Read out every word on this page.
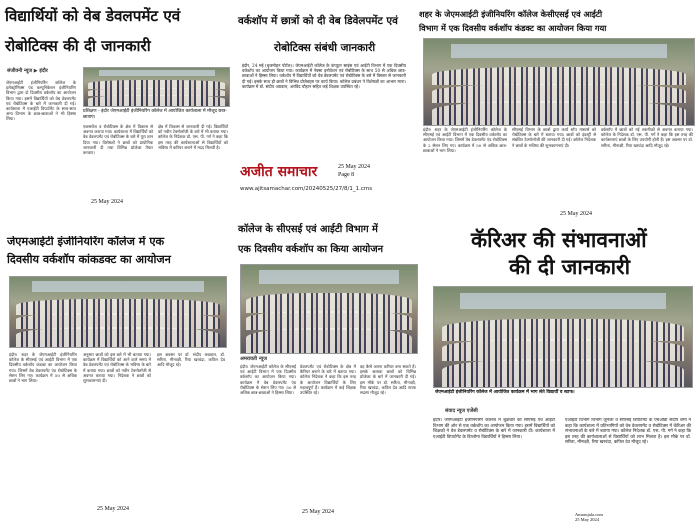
विद्यार्थियों को वेब डेवलपमेंट एवं
रोबोटिक्स की दी जानकारी
संजीवनी न्यूज ▶ इंदौर
जेएमआईटी इंजीनियरिंग कॉलेज के इलेक्ट्रॉनिक्स एंड कम्युनिकेशन इंजीनियरिंग विभाग द्वारा दो दिवसीय वर्कशॉप का आयोजन किया गया। इसमें विद्यार्थियों को वेब डेवलपमेंट एवं रोबोटिक्स के बारे में जानकारी दी गई। कार्यशाला में एआईटी डिपार्टमेंट के साथ-साथ अन्य विभाग के छात्र-छात्राओं ने भी हिस्सा लिया।
प्रशिक्षण - इंदौर जेएमआईटी इंजीनियरिंग कॉलेज में आयोजित कार्यशाला में मौजूद छात्र-छात्राएं।
एकसचेंज व रोबोटिक्स के क्षेत्र में विकास से अवगत कराया गया। कार्यशाला में विद्यार्थियों को वेब डेवलपमेंट एवं रोबोटिक्स के बारे में पूरा ज्ञान दिया गया। विशेषज्ञों ने छात्रों को प्रायोगिक जानकारी दी तथा विभिन्न प्रोजेक्ट तैयार करवाए।
क्षेत्र में विकास से जानकारी दी गई। विद्यार्थियों को नवीन टेक्नोलॉजी के बारे में भी बताया गया। कॉलेज के निदेशक डॉ. एस. पी. गर्ग ने कहा कि इस तरह की कार्यशालाओं से विद्यार्थियों को भविष्य में करियर बनाने में मदद मिलती है।
25 May 2024
वर्कशॉप में छात्रों को दी वेब डिवेलपमेंट एवं
रोबोटिक्स संबंधी जानकारी
इंदौर, 24 मई (बृजमोहन पोर्टल)। जेएमआईटी कॉलेज के कंप्यूटर साइंस एवं आईटी विभाग में एक दिवसीय वर्कशॉप का आयोजन किया गया। कार्यक्रम में नेक्सा इनोवेशन एवं रोबोटिक्स के साथ 50 से अधिक छात्र-छात्राओं ने हिस्सा लिया। वर्कशॉप में विद्यार्थियों को वेब डेवलपमेंट एवं रोबोटिक्स के बारे में विस्तार से जानकारी दी गई। इसके साथ ही छात्रों ने विभिन्न प्रोजेक्ट्स पर कार्य किया। कॉलेज प्रबंधन ने विशेषज्ञों का आभार माना। कार्यक्रम में डॉ. संदीप अग्रवाल, अरविंद चौहान सहित कई शिक्षक उपस्थित रहे।
अजीत समाचार	25 May 2024
Page 8
www.ajitsamachar.com/20240525/27/8/1_1.cms
शहर के जेएमआईटी इंजीनियरिंग कॉलेज केसीएसई एवं आईटी
विभाग में एक दिवसीय वर्कशॉप कंडक्ट का आयोजन किया गया
इंदौर। शहर के जेएमआईटी इंजीनियरिंग कॉलेज के सीएसई एवं आईटी विभाग में एक दिवसीय वर्कशॉप का आयोजन किया गया। जिसमें वेब डेवलपमेंट एंड रोबोटिक्स के 2 सेशन लिए गए। कार्यक्रम में 50 से अधिक छात्र-छात्राओं ने भाग लिया।
सीएसई विभाग के छात्रों द्वारा कार्य शॉप मास्टर्स को रोबोटिक्स के बारे में बताया गया। छात्रों को इंडस्ट्री से संबंधित टेक्नोलॉजी की जानकारी दी गई। कॉलेज निदेशक ने छात्रों के भविष्य की शुभकामनाएं दी।
वर्कशॉप में छात्रों को नई तकनीकों से अवगत कराया गया। कॉलेज के निदेशक डॉ. एस. पी. गर्ग ने कहा कि इस तरह की कार्यशालाएं छात्रों के लिए उपयोगी होती हैं। इस अवसर पर डॉ. सरिता, मीनाक्षी, रिया खरवंदा आदि मौजूद रहे।
25 May 2024
जेएमआईटी इंजीनियरिंग कॉलेज में एक
दिवसीय वर्कशॉप कांकडक्ट का आयोजन
इंदौर। शहर के जेएमआईटी इंजीनियरिंग कॉलेज के सीएसई एवं आईटी विभाग में एक दिवसीय वर्कशॉप कंडक्ट का आयोजन किया गया। जिसमें वेब डेवलपमेंट एंड रोबोटिक्स के सेशन लिए गए। कार्यक्रम में 50 से अधिक छात्रों ने भाग लिया।
अनुसार छात्रों को इस बारे में भी बताया गया। कार्यक्रम में विद्यार्थियों को आने वाले समय में वेब डेवलपमेंट एवं रोबोटिक्स के भविष्य के बारे में बताया गया। छात्रों को नवीन टेक्नोलॉजी से अवगत कराया गया। निदेशक ने छात्रों को शुभकामनाएं दी।
इस अवसर पर डॉ. संदीप अग्रवाल, डॉ. सरिता, मीनाक्षी, रिया खरवंदा, कपिल देव आदि मौजूद रहे।
25 May 2024
कॉलेज के सीएसई एवं आईटी विभाग में
एक दिवसीय वर्कशॉप का किया आयोजन
अमरावती न्यूज
इंदौर। जेएमआईटी कॉलेज के सीएसई एवं आईटी विभाग में एक दिवसीय वर्कशॉप का आयोजन किया गया। कार्यक्रम में वेब डेवलपमेंट एंड रोबोटिक्स के सेशन लिए गए। 50 से अधिक छात्र-छात्राओं ने हिस्सा लिया।
डेवलपमेंट एवं रोबोटिक्स के क्षेत्र में कैरियर बनाने के बारे में बताया गया। कॉलेज निदेशक ने कहा कि इस तरह के आयोजन विद्यार्थियों के लिए महत्वपूर्ण हैं। कार्यक्रम में कई शिक्षक उपस्थित रहे।
वह कैसे अपना करियर बना सकते हैं। इसके अलावा छात्रों को विभिन्न प्रोजेक्ट के बारे में जानकारी दी गई। इस मौके पर डॉ. सरिता, मीनाक्षी, रिया खरवंदा, कपिल देव आदि स्टाफ सदस्य मौजूद रहे।
25 May 2024
कॅरिअर की संभावनाओं
की दी जानकारी
जेएमआईटी इंजीनियरिंग कॉलेज में आयोजित कार्यक्रम में भाग लेते विद्यार्थी व स्टाफ।
संवाद न्यूज एजेंसी
इंदौर। जेएमआईटी इंजीनियरिंग कॉलेज में शुक्रवार को सीएसई एवं आईटी विभाग की ओर से एक वर्कशॉप का आयोजन किया गया। इसमें विद्यार्थियों को शिक्षकों ने वेब डेवलपमेंट व रोबोटिक्स के बारे में जानकारी दी। कार्यशाला में एआईटी डिपार्टमेंट के डिप्लोमा विद्यार्थियों ने हिस्सा लिया।
एआईटी विभाग विभाग जुनेजा व सीएसई डिपार्टमेंट के एचओडी संदीप शर्मा ने कहा कि कार्यशाला में प्रतिभागियों को वेब डेवलपमेंट व रोबोटिक्स में कॅरिअर की संभावनाओं के बारे में बताया गया। कॉलेज निदेशक डॉ. एस. पी. गर्ग ने कहा कि इस तरह की कार्यशालाओं से विद्यार्थियों को लाभ मिलता है। इस मौके पर डॉ. सरिता, मीनाक्षी, रिया खरवंदा, कपिल देव मौजूद रहे।
Amarujala.com
25 May 2024
